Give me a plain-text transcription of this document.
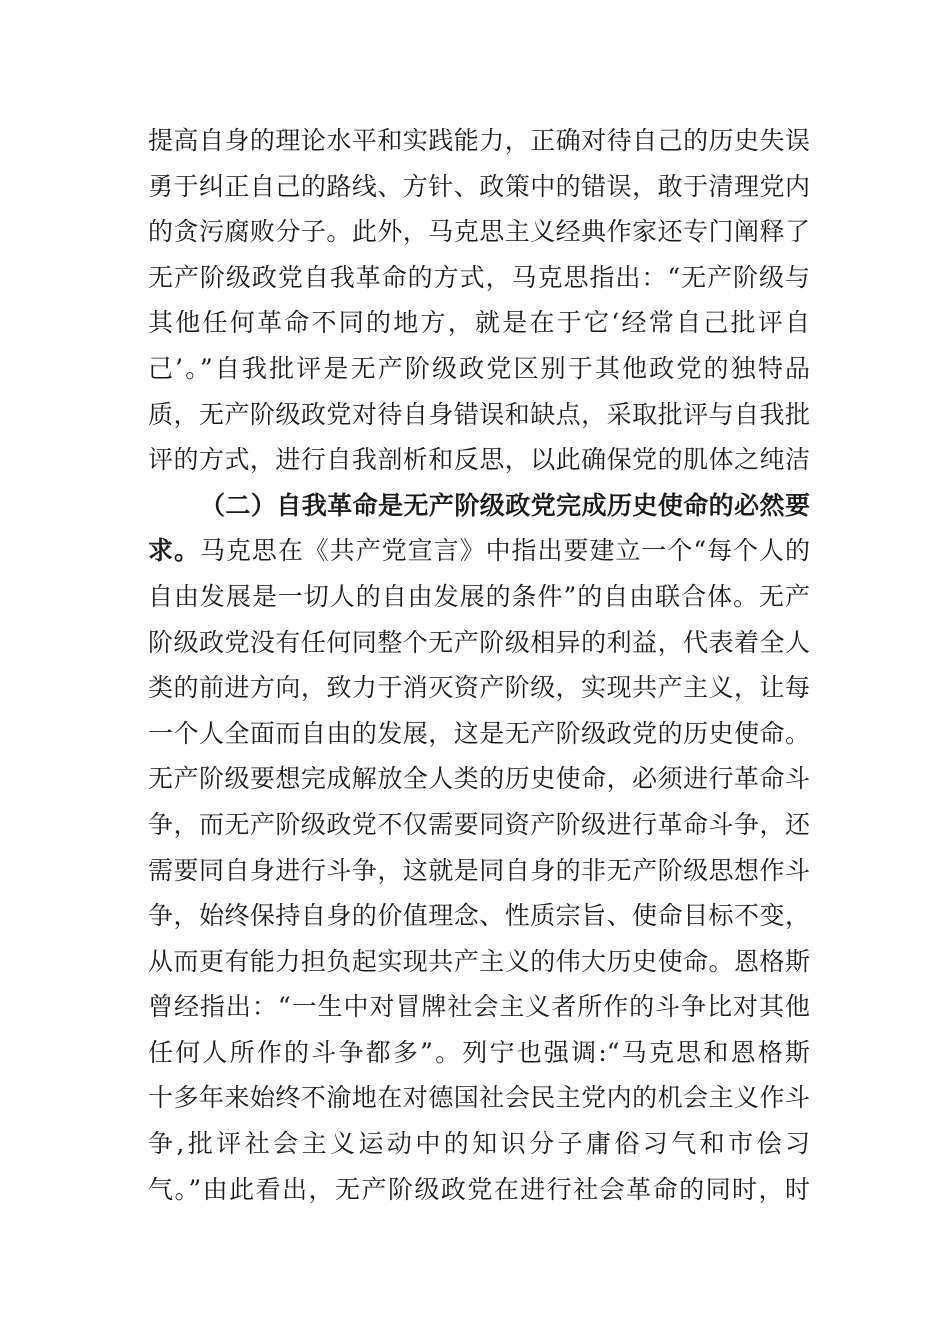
提高自身的理论水平和实践能力，正确对待自己的历史失误
勇于纠正自己的路线、方针、政策中的错误，敢于清理党内
的贪污腐败分子。此外，马克思主义经典作家还专门阐释了
无产阶级政党自我革命的方式，马克思指出：“无产阶级与
其他任何革命不同的地方，就是在于它‘经常自己批评自
己’。”自我批评是无产阶级政党区别于其他政党的独特品
质，无产阶级政党对待自身错误和缺点，采取批评与自我批
评的方式，进行自我剖析和反思，以此确保党的肌体之纯洁
（二）自我革命是无产阶级政党完成历史使命的必然要
求。马克思在《共产党宣言》中指出要建立一个“每个人的
自由发展是一切人的自由发展的条件”的自由联合体。无产
阶级政党没有任何同整个无产阶级相异的利益，代表着全人
类的前进方向，致力于消灭资产阶级，实现共产主义，让每
一个人全面而自由的发展，这是无产阶级政党的历史使命。
无产阶级要想完成解放全人类的历史使命，必须进行革命斗
争，而无产阶级政党不仅需要同资产阶级进行革命斗争，还
需要同自身进行斗争，这就是同自身的非无产阶级思想作斗
争，始终保持自身的价值理念、性质宗旨、使命目标不变，
从而更有能力担负起实现共产主义的伟大历史使命。恩格斯
曾经指出：“一生中对冒牌社会主义者所作的斗争比对其他
任何人所作的斗争都多”。列宁也强调:“马克思和恩格斯
十多年来始终不渝地在对德国社会民主党内的机会主义作斗
争,批评社会主义运动中的知识分子庸俗习气和市侩习
气。”由此看出，无产阶级政党在进行社会革命的同时，时
